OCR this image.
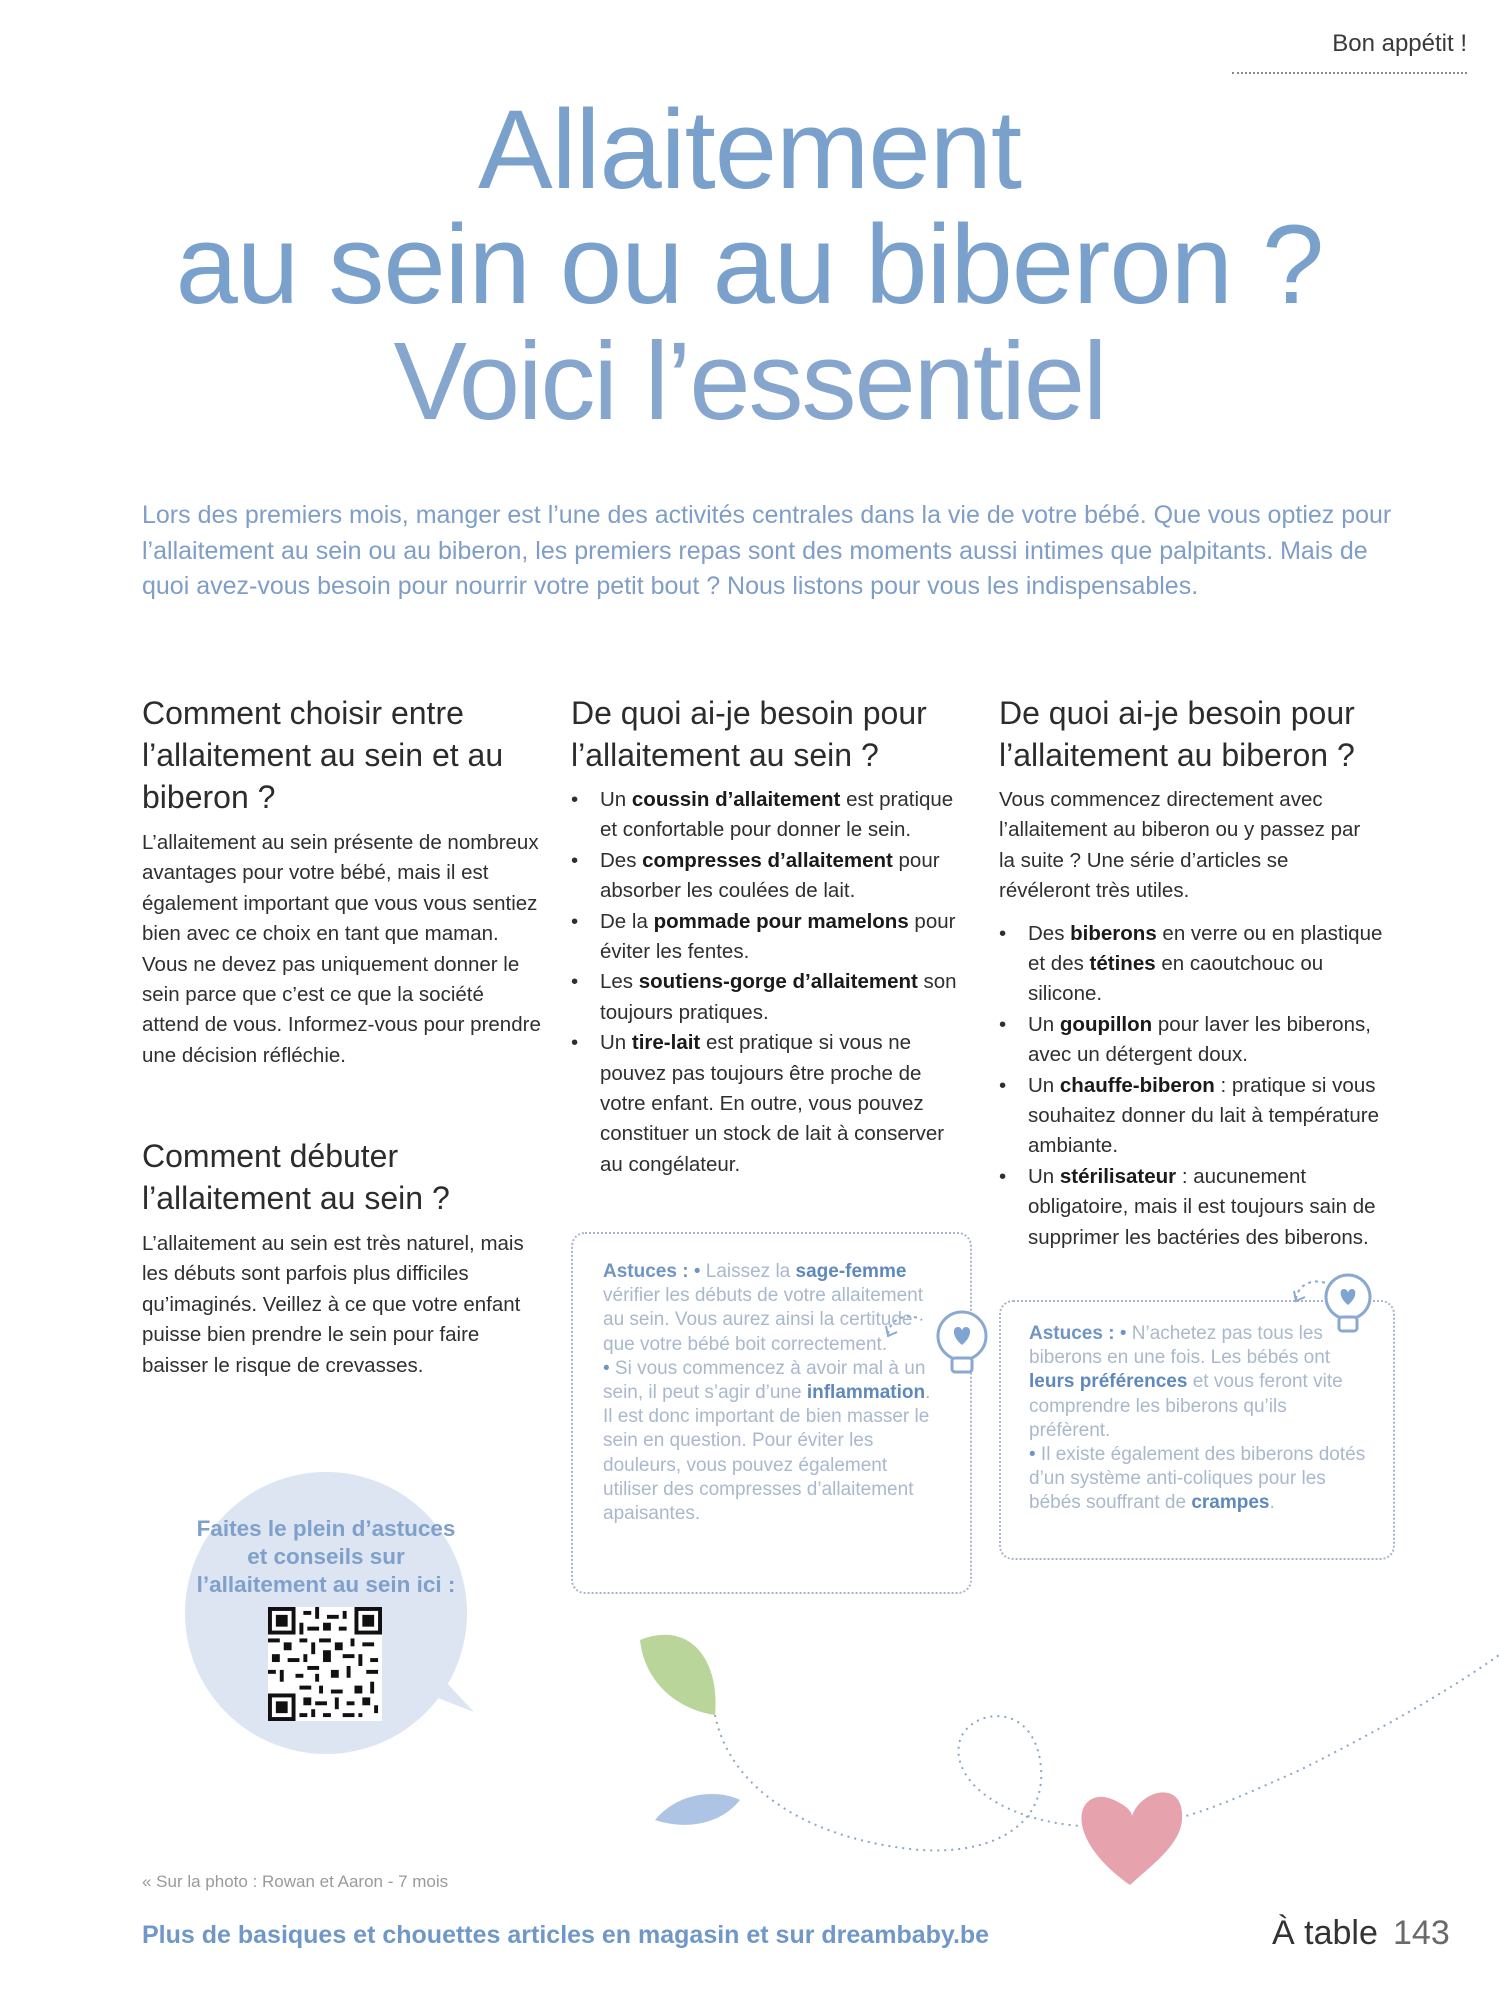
Bon appétit !
Allaitement
au sein ou au biberon ?
Voici l’essentiel
Lors des premiers mois, manger est l’une des activités centrales dans la vie de votre bébé. Que vous optiez pour l’allaitement au sein ou au biberon, les premiers repas sont des moments aussi intimes que palpitants. Mais de quoi avez-vous besoin pour nourrir votre petit bout ? Nous listons pour vous les indispensables.
Comment choisir entre l’allaitement au sein et au biberon ?
L’allaitement au sein présente de nombreux avantages pour votre bébé, mais il est également important que vous vous sentiez bien avec ce choix en tant que maman. Vous ne devez pas uniquement donner le sein parce que c’est ce que la société attend de vous. Informez-vous pour prendre une décision réfléchie.
Comment débuter l’allaitement au sein ?
L’allaitement au sein est très naturel, mais les débuts sont parfois plus difficiles qu’imaginés. Veillez à ce que votre enfant puisse bien prendre le sein pour faire baisser le risque de crevasses.
De quoi ai-je besoin pour l’allaitement au sein ?
• Un coussin d’allaitement est pratique et confortable pour donner le sein.
• Des compresses d’allaitement pour absorber les coulées de lait.
• De la pommade pour mamelons pour éviter les fentes.
• Les soutiens-gorge d’allaitement son toujours pratiques.
• Un tire-lait est pratique si vous ne pouvez pas toujours être proche de votre enfant. En outre, vous pouvez constituer un stock de lait à conserver au congélateur.
Astuces : • Laissez la sage-femme vérifier les débuts de votre allaitement au sein. Vous aurez ainsi la certitude que votre bébé boit correctement.
• Si vous commencez à avoir mal à un sein, il peut s’agir d’une inflammation. Il est donc important de bien masser le sein en question. Pour éviter les douleurs, vous pouvez également utiliser des compresses d’allaitement apaisantes.
De quoi ai-je besoin pour l’allaitement au biberon ?
Vous commencez directement avec l’allaitement au biberon ou y passez par la suite ? Une série d’articles se révéleront très utiles.
• Des biberons en verre ou en plastique et des tétines en caoutchouc ou silicone.
• Un goupillon pour laver les biberons, avec un détergent doux.
• Un chauffe-biberon : pratique si vous souhaitez donner du lait à température ambiante.
• Un stérilisateur : aucunement obligatoire, mais il est toujours sain de supprimer les bactéries des biberons.
Astuces : • N’achetez pas tous les biberons en une fois. Les bébés ont leurs préférences et vous feront vite comprendre les biberons qu’ils préfèrent.
• Il existe également des biberons dotés d’un système anti-coliques pour les bébés souffrant de crampes.
Faites le plein d’astuces et conseils sur l’allaitement au sein ici :
« Sur la photo : Rowan et Aaron - 7 mois
Plus de basiques et chouettes articles en magasin et sur dreambaby.be	À table 143
